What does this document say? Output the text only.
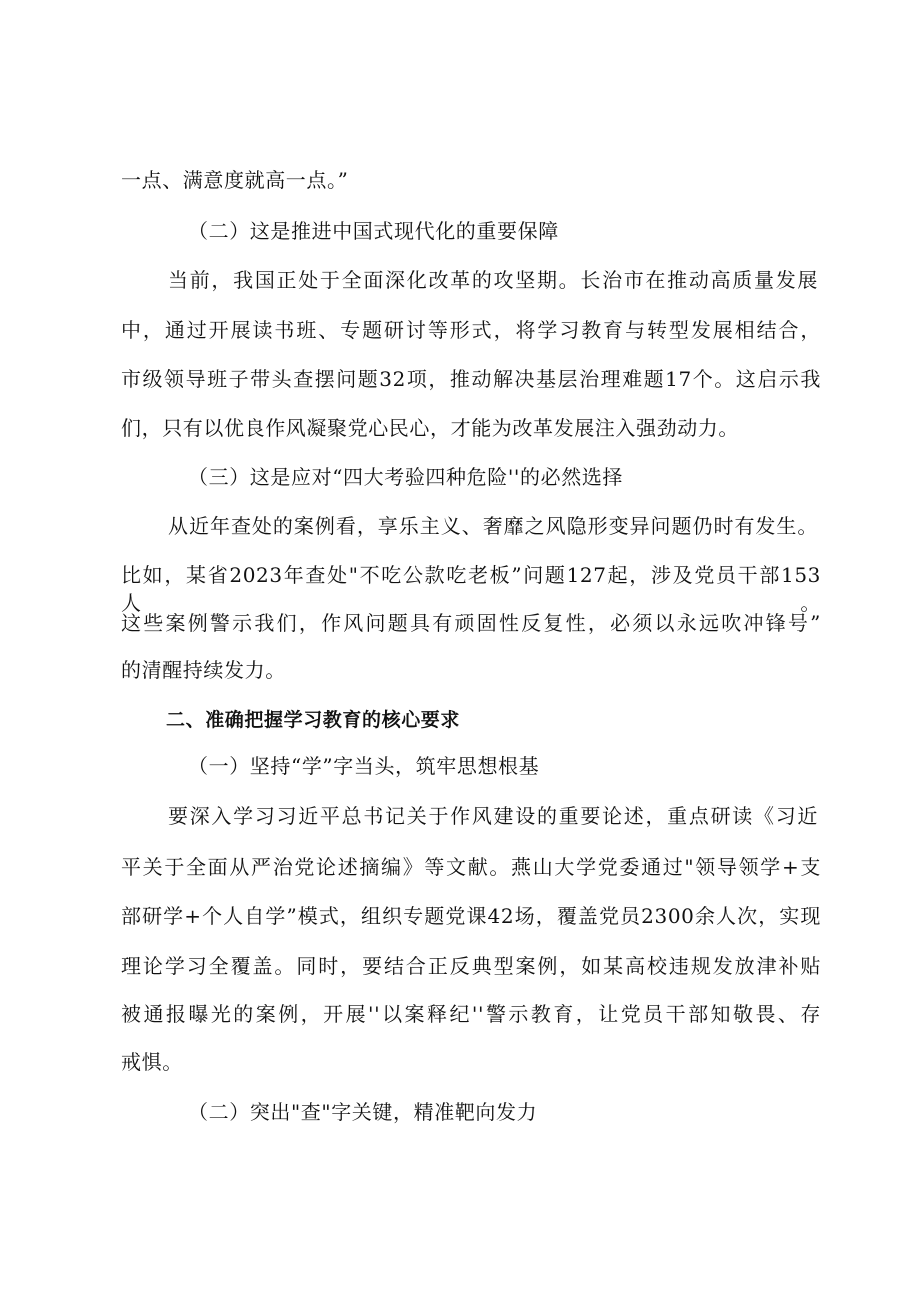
一点、满意度就高一点。”
（二）这是推进中国式现代化的重要保障
当前，我国正处于全面深化改革的攻坚期。长治市在推动高质量发展
中，通过开展读书班、专题研讨等形式，将学习教育与转型发展相结合，
市级领导班子带头查摆问题32项，推动解决基层治理难题17个。这启示我
们，只有以优良作风凝聚党心民心，才能为改革发展注入强劲动力。
（三）这是应对“四大考验四种危险''的必然选择
从近年查处的案例看，享乐主义、奢靡之风隐形变异问题仍时有发生。
比如，某省2023年查处"不吃公款吃老板”问题127起，涉及党员干部153人。
这些案例警示我们，作风问题具有顽固性反复性，必须以永远吹冲锋号”
的清醒持续发力。
二、准确把握学习教育的核心要求
（一）坚持“学”字当头，筑牢思想根基
要深入学习习近平总书记关于作风建设的重要论述，重点研读《习近
平关于全面从严治党论述摘编》等文献。燕山大学党委通过"领导领学+支
部研学+个人自学”模式，组织专题党课42场，覆盖党员2300余人次，实现
理论学习全覆盖。同时，要结合正反典型案例，如某高校违规发放津补贴
被通报曝光的案例，开展''以案释纪''警示教育，让党员干部知敬畏、存
戒惧。
（二）突出"查"字关键，精准靶向发力
